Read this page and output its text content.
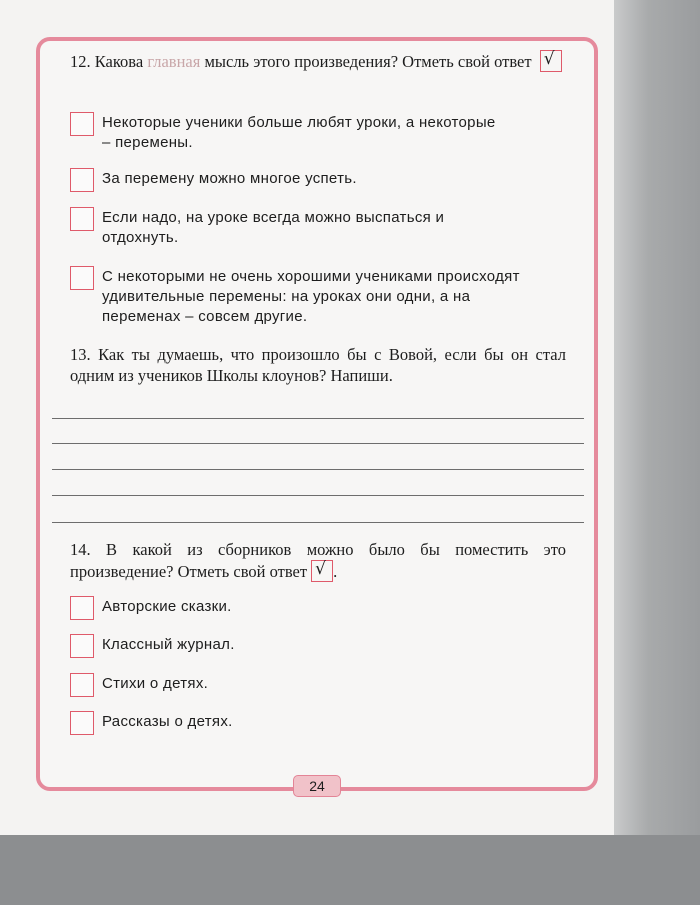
12. Какова главная мысль этого произведения? Отметь свой ответ √

Некоторые ученики больше любят уроки, а некоторые – перемены.
За перемену можно многое успеть.
Если надо, на уроке всегда можно выспаться и отдохнуть.
С некоторыми не очень хорошими учениками происходят удивительные перемены: на уроках они одни, а на переменах – совсем другие.

13. Как ты думаешь, что произошло бы с Вовой, если бы он стал одним из учеников Школы клоунов? Напиши.

14. В какой из сборников можно было бы поместить это произведение? Отметь свой ответ√ .

Авторские сказки.
Классный журнал.
Стихи о детях.
Рассказы о детях.
24
